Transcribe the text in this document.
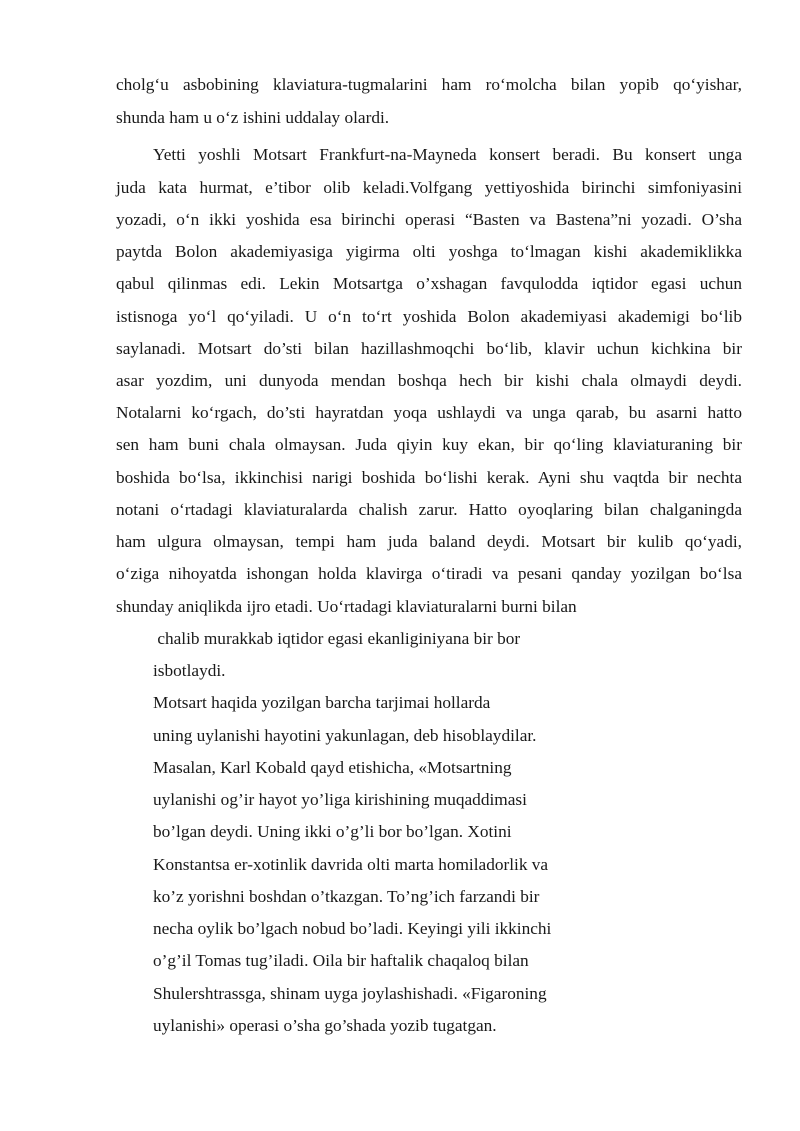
cholg‘u asbobining klaviatura-tugmalarini ham ro‘molcha bilan yopib qo‘yishar,
shunda ham u o‘z ishini uddalay olardi.
Yetti yoshli Motsart Frankfurt-na-Mayneda konsert beradi. Bu konsert unga
juda kata hurmat, e’tibor olib keladi.Volfgang yettiyoshida birinchi simfoniyasini
yozadi, o‘n ikki yoshida esa birinchi operasi “Basten va Bastena”ni yozadi. O’sha
paytda Bolon akademiyasiga yigirma olti yoshga to‘lmagan kishi akademiklikka
qabul qilinmas edi. Lekin Motsartga o’xshagan favqulodda iqtidor egasi uchun
istisnoga yo‘l qo‘yiladi. U o‘n to‘rt yoshida Bolon akademiyasi akademigi bo‘lib
saylanadi. Motsart do’sti bilan hazillashmoqchi bo‘lib, klavir uchun kichkina bir
asar yozdim, uni dunyoda mendan boshqa hech bir kishi chala olmaydi deydi.
Notalarni ko‘rgach, do’sti hayratdan yoqa ushlaydi va unga qarab, bu asarni hatto
sen ham buni chala olmaysan. Juda qiyin kuy ekan, bir qo‘ling klaviaturaning bir
boshida bo‘lsa, ikkinchisi narigi boshida bo‘lishi kerak. Ayni shu vaqtda bir nechta
notani o‘rtadagi klaviaturalarda chalish zarur. Hatto oyoqlaring bilan chalganingda
ham ulgura olmaysan, tempi ham juda baland deydi. Motsart bir kulib qo‘yadi,
o‘ziga nihoyatda ishongan holda klavirga o‘tiradi va pesani qanday yozilgan bo‘lsa
shunday aniqlikda ijro etadi. Uo‘rtadagi klaviaturalarni burni bilan
chalib murakkab iqtidor egasi ekanliginiyana bir bor
isbotlaydi.
Motsart haqida yozilgan barcha tarjimai hollarda
uning uylanishi hayotini yakunlagan, deb hisoblaydilar.
Masalan, Karl Kobald qayd etishicha, «Motsartning
uylanishi og’ir hayot yo’liga kirishining muqaddimasi
bo’lgan deydi. Uning ikki o’g’li bor bo’lgan. Xotini
Konstantsa er-xotinlik davrida olti marta homiladorlik va
ko’z yorishni boshdan o’tkazgan. To’ng’ich farzandi bir
necha oylik bo’lgach nobud bo’ladi. Keyingi yili ikkinchi
o’g’il Tomas tug’iladi. Oila bir haftalik chaqaloq bilan
Shulershtrassga, shinam uyga joylashishadi. «Figaroning
uylanishi» operasi o’sha go’shada yozib tugatgan.
